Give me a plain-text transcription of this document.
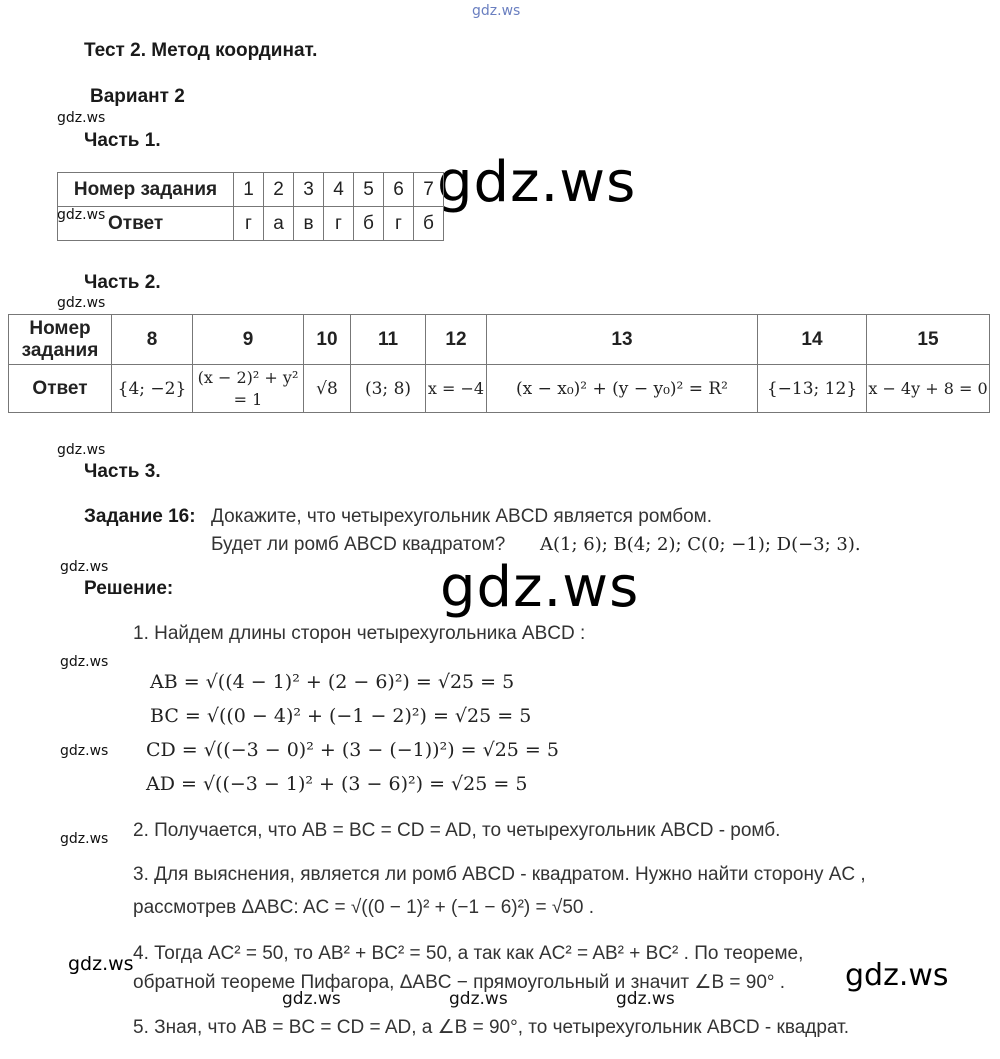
gdz.ws
gdz.ws
gdz.ws
gdz.ws
gdz.ws
gdz.ws
gdz.ws
gdz.ws
gdz.ws
gdz.ws
gdz.ws	gdz.ws	gdz.ws
gdz.ws
gdz.ws
gdz.ws
Тест 2. Метод координат.
Вариант 2
Часть 1.
Номер задания	1	2	3	4	5	6	7
Ответ	г	а	в	г	б	г	б
Часть 2.
Номер задания	8	9	10	11	12	13	14	15
Ответ	{4; −2}	(x − 2)² + y² = 1	√8	(3; 8)	x = −4	(x − x₀)² + (y − y₀)² = R²	{−13; 12}	x − 4y + 8 = 0
Часть 3.
Задание 16: Докажите, что четырехугольник ABCD является ромбом.
Будет ли ромб ABCD квадратом? A(1; 6); B(4; 2); C(0; −1); D(−3; 3).
Решение:
1. Найдем длины сторон четырехугольника ABCD :
AB = √((4 − 1)² + (2 − 6)²) = √25 = 5
BC = √((0 − 4)² + (−1 − 2)²) = √25 = 5
CD = √((−3 − 0)² + (3 − (−1))²) = √25 = 5
AD = √((−3 − 1)² + (3 − 6)²) = √25 = 5
2. Получается, что AB = BC = CD = AD, то четырехугольник ABCD - ромб.
3. Для выяснения, является ли ромб ABCD - квадратом. Нужно найти сторону AC ,
рассмотрев ΔABC: AC = √((0 − 1)² + (−1 − 6)²) = √50 .
4. Тогда AC² = 50, то AB² + BC² = 50, а так как AC² = AB² + BC² . По теореме,
обратной теореме Пифагора, ΔABC − прямоугольный и значит ∠B = 90° .
5. Зная, что AB = BC = CD = AD, а ∠B = 90°, то четырехугольник ABCD - квадрат.
